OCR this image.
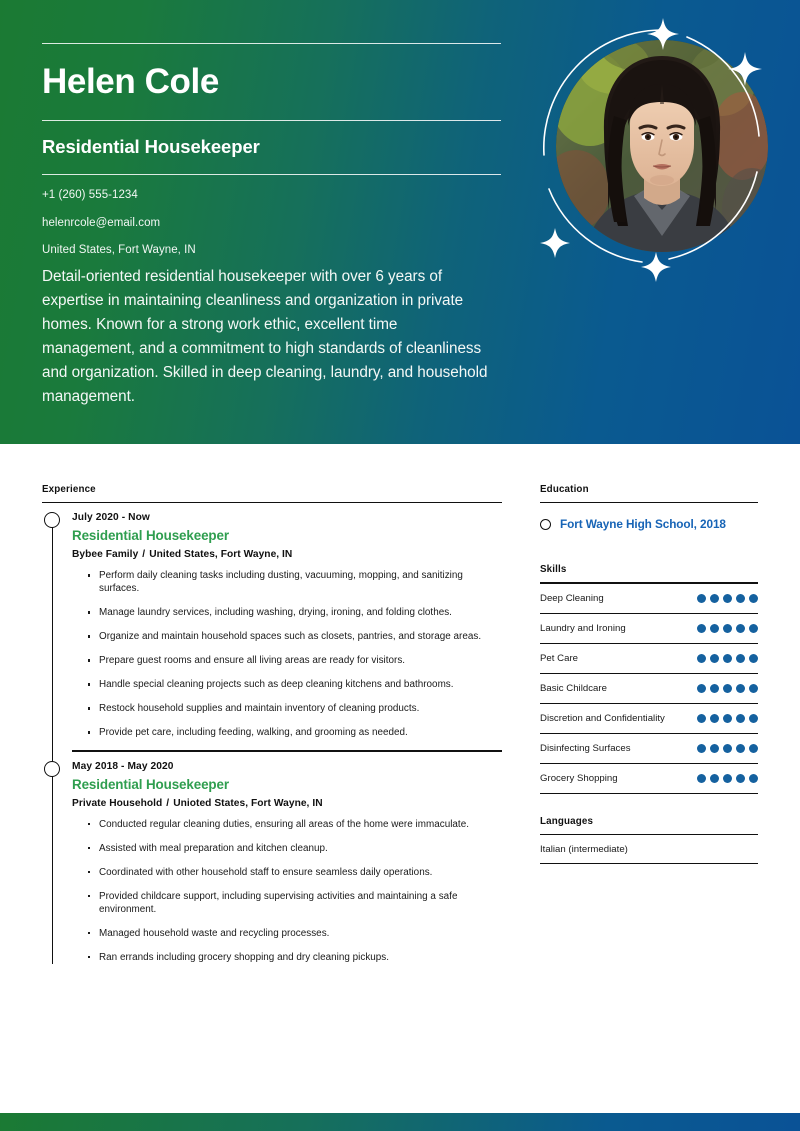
Helen Cole
Residential Housekeeper
+1 (260) 555-1234
helenrcole@email.com
United States, Fort Wayne, IN
Detail-oriented residential housekeeper with over 6 years of expertise in maintaining cleanliness and organization in private homes. Known for a strong work ethic, excellent time management, and a commitment to high standards of cleanliness and organization. Skilled in deep cleaning, laundry, and household management.
Experience
July 2020 - Now
Residential Housekeeper
Bybee Family / United States, Fort Wayne, IN
Perform daily cleaning tasks including dusting, vacuuming, mopping, and sanitizing surfaces.
Manage laundry services, including washing, drying, ironing, and folding clothes.
Organize and maintain household spaces such as closets, pantries, and storage areas.
Prepare guest rooms and ensure all living areas are ready for visitors.
Handle special cleaning projects such as deep cleaning kitchens and bathrooms.
Restock household supplies and maintain inventory of cleaning products.
Provide pet care, including feeding, walking, and grooming as needed.
May 2018 - May 2020
Residential Housekeeper
Private Household / Unioted States, Fort Wayne, IN
Conducted regular cleaning duties, ensuring all areas of the home were immaculate.
Assisted with meal preparation and kitchen cleanup.
Coordinated with other household staff to ensure seamless daily operations.
Provided childcare support, including supervising activities and maintaining a safe environment.
Managed household waste and recycling processes.
Ran errands including grocery shopping and dry cleaning pickups.
Education
Fort Wayne High School, 2018
Skills
Deep Cleaning
Laundry and Ironing
Pet Care
Basic Childcare
Discretion and Confidentiality
Disinfecting Surfaces
Grocery Shopping
Languages
Italian (intermediate)
